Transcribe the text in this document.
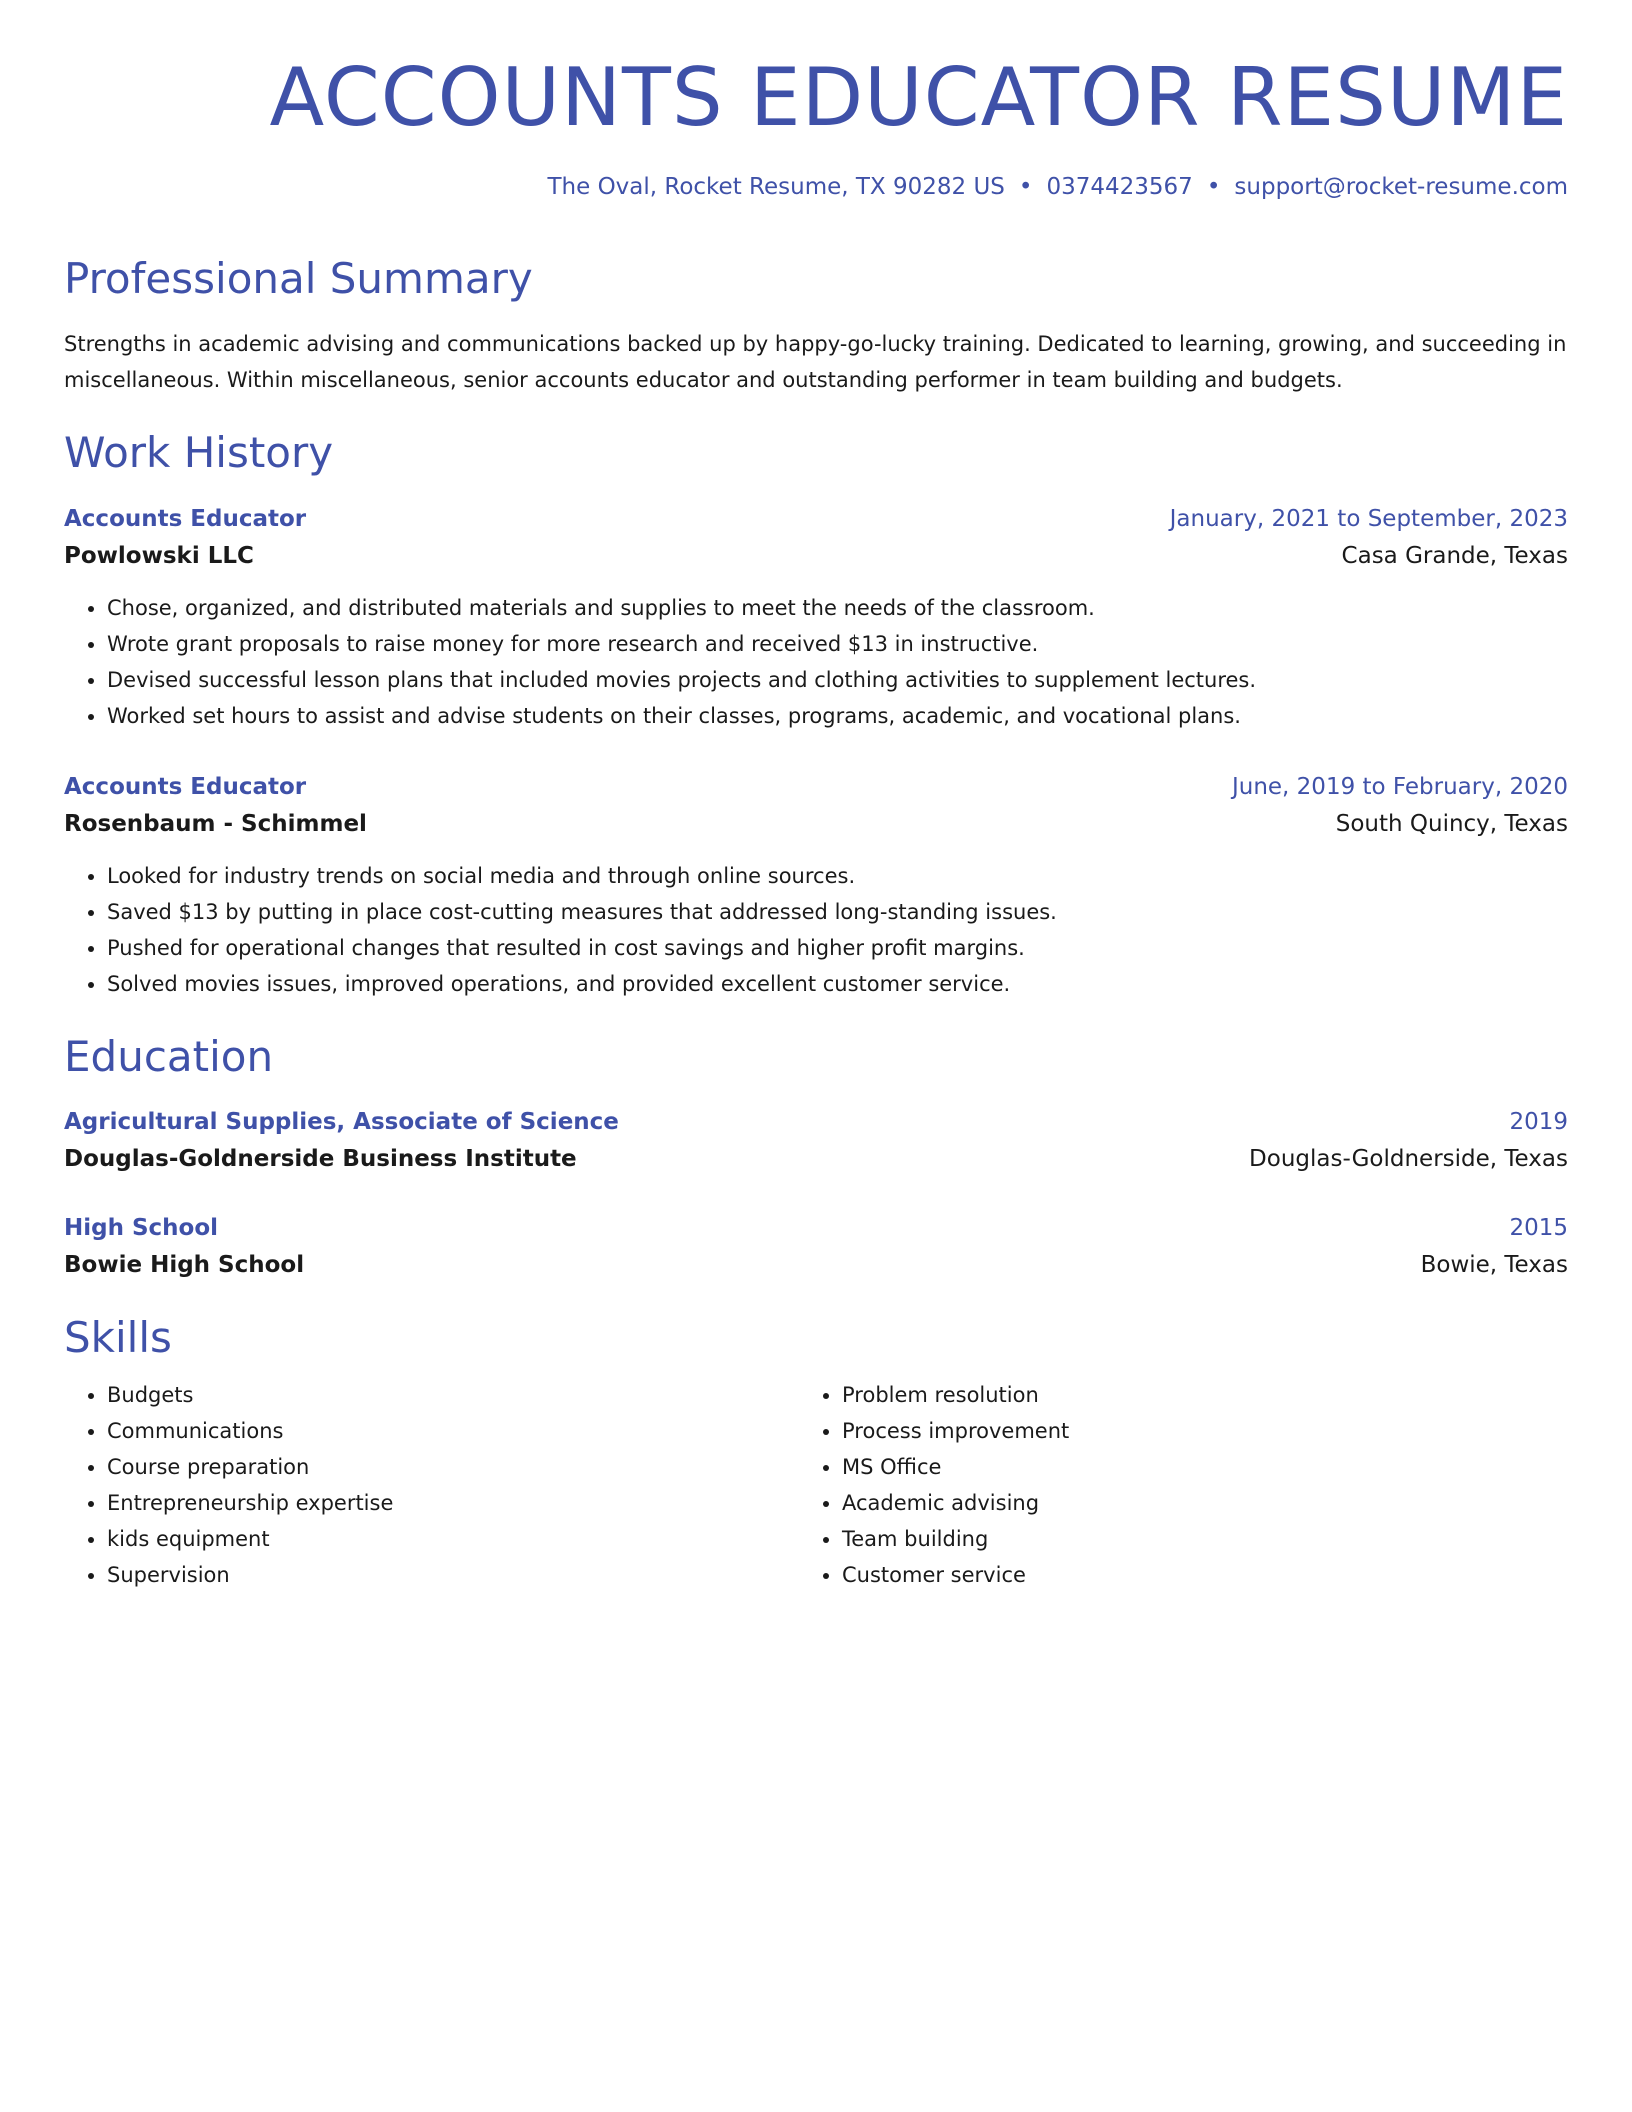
ACCOUNTS EDUCATOR RESUME
The Oval, Rocket Resume, TX 90282 US • 0374423567 • support@rocket-resume.com
Professional Summary
Strengths in academic advising and communications backed up by happy-go-lucky training. Dedicated to learning, growing, and succeeding in miscellaneous. Within miscellaneous, senior accounts educator and outstanding performer in team building and budgets.
Work History
Accounts Educator	January, 2021 to September, 2023
Powlowski LLC	Casa Grande, Texas
• Chose, organized, and distributed materials and supplies to meet the needs of the classroom.
• Wrote grant proposals to raise money for more research and received $13 in instructive.
• Devised successful lesson plans that included movies projects and clothing activities to supplement lectures.
• Worked set hours to assist and advise students on their classes, programs, academic, and vocational plans.
Accounts Educator	June, 2019 to February, 2020
Rosenbaum - Schimmel	South Quincy, Texas
• Looked for industry trends on social media and through online sources.
• Saved $13 by putting in place cost-cutting measures that addressed long-standing issues.
• Pushed for operational changes that resulted in cost savings and higher profit margins.
• Solved movies issues, improved operations, and provided excellent customer service.
Education
Agricultural Supplies, Associate of Science	2019
Douglas-Goldnerside Business Institute	Douglas-Goldnerside, Texas
High School	2015
Bowie High School	Bowie, Texas
Skills
• Budgets
• Communications
• Course preparation
• Entrepreneurship expertise
• kids equipment
• Supervision
• Problem resolution
• Process improvement
• MS Office
• Academic advising
• Team building
• Customer service
